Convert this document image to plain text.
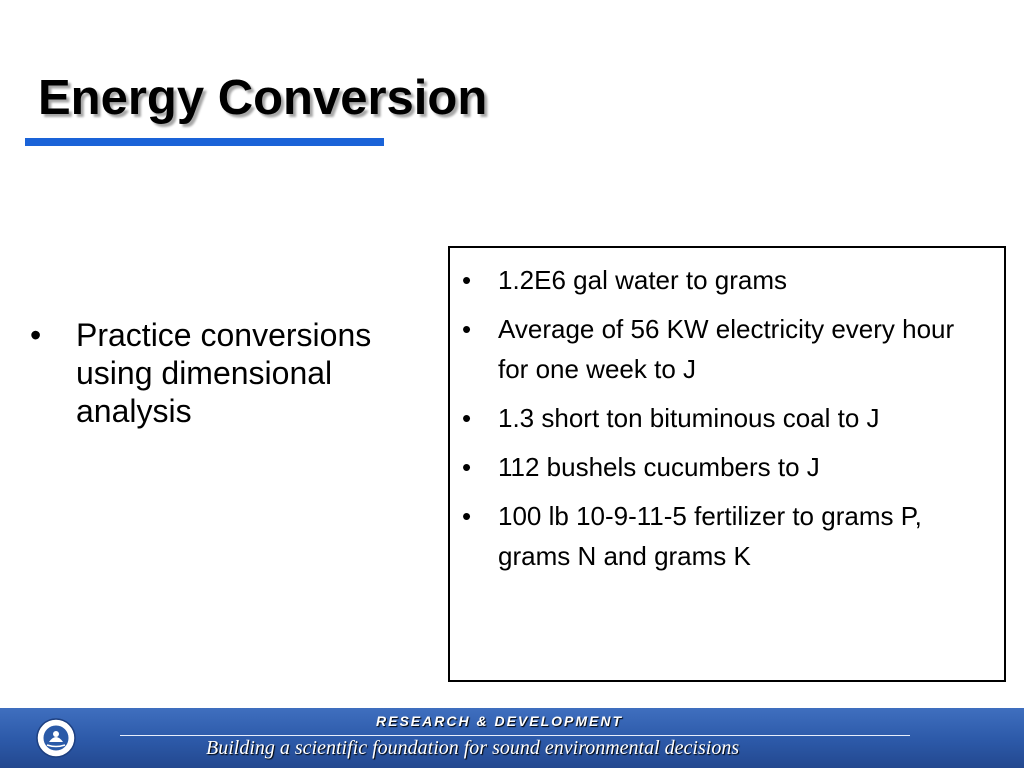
Energy Conversion
• Practice conversions using dimensional analysis
• 1.2E6 gal water to grams
• Average of 56 KW electricity every hour for one week to J
• 1.3 short ton bituminous coal to J
• 112 bushels cucumbers to J
• 100 lb 10-9-11-5 fertilizer to grams P, grams N and grams K
RESEARCH & DEVELOPMENT
Building a scientific foundation for sound environmental decisions
